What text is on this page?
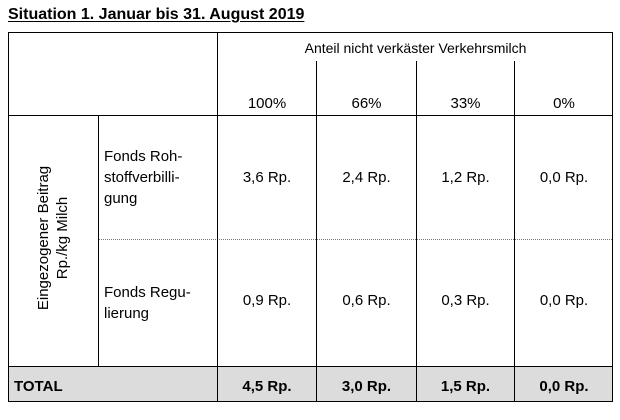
Situation 1. Januar bis 31. August 2019
Anteil nicht verkäster Verkehrsmilch
100%	66%	33%	0%
Eingezogener Beitrag Rp./kg Milch
Fonds Roh-
stoffverbilli-
gung
3,6 Rp.	2,4 Rp.	1,2 Rp.	0,0 Rp.
Fonds Regu-
lierung
0,9 Rp.	0,6 Rp.	0,3 Rp.	0,0 Rp.
TOTAL	4,5 Rp.	3,0 Rp.	1,5 Rp.	0,0 Rp.
